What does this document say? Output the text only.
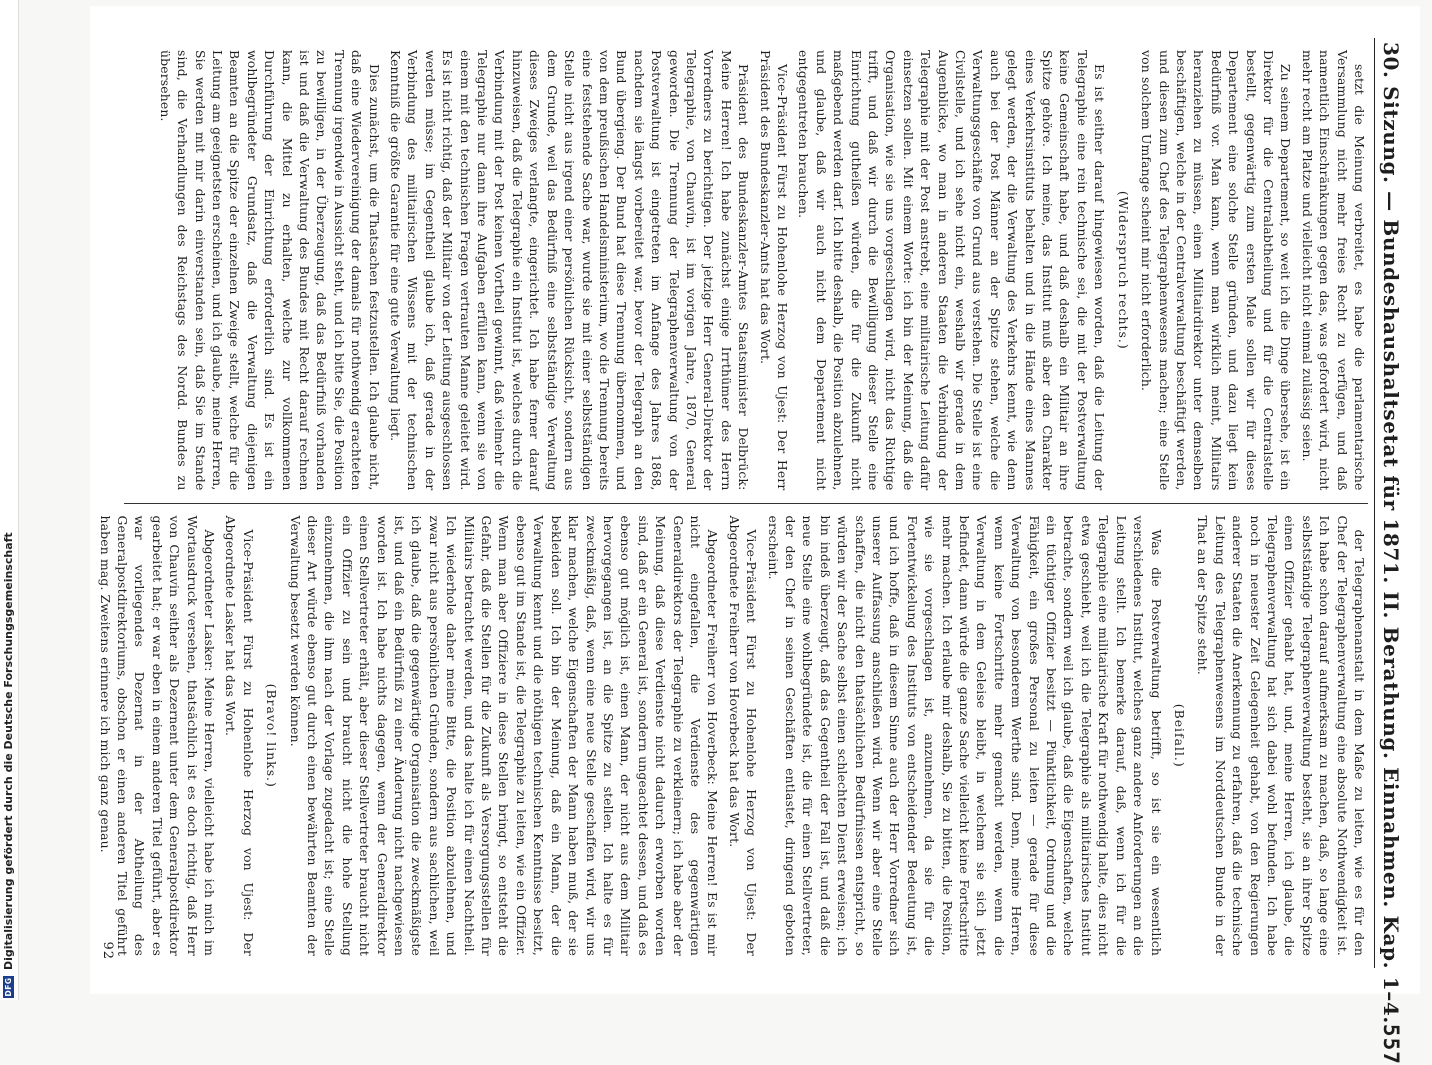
DFG
Digitalisierung gefördert durch die Deutsche Forschungsgemeinschaft	30. Sitzung. — Bundeshaushaltsetat für 1871. II. Berathung. Einnahmen. Kap. 1–4.
557

setzt die Meinung verbreitet, es habe die parlamentarische Versammlung nicht mehr freies Recht zu verfügen, und daß namentlich Einschränkungen gegen das, was gefordert wird, nicht mehr recht am Platze und vielleicht nicht einmal zulässig seien.

Zu seinem Departement, so weit ich die Dinge übersehe, ist ein Direktor für die Centralabtheilung und für die Centralstelle bestellt, gegenwärtig zum ersten Male sollen wir für dieses Departement eine solche Stelle gründen, und dazu liegt kein Bedürfniß vor. Man kann, wenn man wirklich meint, Militairs heranziehen zu müssen, einen Militairdirektor unter demselben beschäftigen, welche in der Centralverwaltung beschäftigt werden, und diesen zum Chef des Telegraphenwesens machen; eine Stelle von solchem Umfange scheint mir nicht erforderlich.

(Widerspruch rechts.)

Es ist seither darauf hingewiesen worden, daß die Leitung der Telegraphie eine rein technische sei, die mit der Postverwaltung keine Gemeinschaft habe, und daß deshalb ein Militair an ihre Spitze gehöre. Ich meine, das Institut muß aber den Charakter eines Verkehrsinstituts behalten und in die Hände eines Mannes gelegt werden, der die Verwaltung des Verkehrs kennt, wie denn auch bei der Post Männer an der Spitze stehen, welche die Verwaltungsgeschäfte von Grund aus verstehen. Die Stelle ist eine Civilstelle, und ich sehe nicht ein, weshalb wir gerade in dem Augenblicke, wo man in anderen Staaten die Verbindung der Telegraphie mit der Post anstrebt, eine militairische Leitung dafür einsetzen sollen. Mit einem Worte: ich bin der Meinung, daß die Organisation, wie sie uns vorgeschlagen wird, nicht das Richtige trifft, und daß wir durch die Bewilligung dieser Stelle eine Einrichtung gutheißen würden, die für die Zukunft nicht maßgebend werden darf. Ich bitte deshalb, die Position abzulehnen, und glaube, daß wir auch nicht dem Departement nicht entgegentreten brauchen.

Vice-Präsident Fürst zu Hohenlohe Herzog von Ujest: Der Herr Präsident des Bundeskanzler-Amts hat das Wort.

Präsident des Bundeskanzler-Amtes Staatsminister Delbrück: Meine Herren! Ich habe zunächst einige Irrthümer des Herrn Vorredners zu berichtigen. Der jetzige Herr General-Direktor der Telegraphie, von Chauvin, ist im vorigen Jahre, 1870, General geworden. Die Trennung der Telegraphenverwaltung von der Postverwaltung ist eingetreten im Anfange des Jahres 1868, nachdem sie längst vorbereitet war, bevor der Telegraph an den Bund übergieng. Der Bund hat diese Trennung übernommen, und von dem preußischen Handelsministerium, wo die Trennung bereits eine feststehende Sache war, wurde sie mit einer selbstständigen Stelle nicht aus irgend einer persönlichen Rücksicht, sondern aus dem Grunde, weil das Bedürfniß eine selbstständige Verwaltung dieses Zweiges verlangte, eingerichtet. Ich habe ferner darauf hinzuweisen, daß die Telegraphie ein Institut ist, welches durch die Verbindung mit der Post keinen Vortheil gewinnt, daß vielmehr die Telegraphie nur dann ihre Aufgaben erfüllen kann, wenn sie von einem mit den technischen Fragen vertrauten Manne geleitet wird. Es ist nicht richtig, daß der Militair von der Leitung ausgeschlossen werden müsse; im Gegentheil glaube ich, daß gerade in der Verbindung des militairischen Wissens mit der technischen Kenntniß die größte Garantie für eine gute Verwaltung liegt.

Dies zunächst, um die Thatsachen festzustellen. Ich glaube nicht, daß eine Wiedervereinigung der damals für nothwendig erachteten Trennung irgendwie in Aussicht steht, und ich bitte Sie, die Position zu bewilligen, in der Überzeugung, daß das Bedürfniß vorhanden ist und daß die Verwaltung des Bundes mit Recht darauf rechnen kann, die Mittel zu erhalten, welche zur vollkommenen Durchführung der Einrichtung erforderlich sind. Es ist ein wohlbegründeter Grundsatz, daß die Verwaltung diejenigen Beamten an die Spitze der einzelnen Zweige stellt, welche für die Leitung am geeignetsten erscheinen, und ich glaube, meine Herren, Sie werden mit mir darin einverstanden sein, daß Sie im Stande sind, die Verhandlungen des Reichstags des Nordd. Bundes zu übersehen.

der Telegraphenanstalt in dem Maße zu leiten, wie es für den Chef der Telegraphenverwaltung eine absolute Nothwendigkeit ist. Ich habe schon darauf aufmerksam zu machen, daß, so lange eine selbstständige Telegraphenverwaltung besteht, sie an ihrer Spitze einen Offizier gehabt hat, und, meine Herren, ich glaube, die Telegraphenverwaltung hat sich dabei wohl befunden. Ich habe noch in neuester Zeit Gelegenheit gehabt, von den Regierungen anderer Staaten die Anerkennung zu erfahren, daß die technische Leitung des Telegraphenwesens im Norddeutschen Bunde in der That an der Spitze steht.

(Beifall.)

Was die Postverwaltung betrifft, so ist sie ein wesentlich verschiedenes Institut, welches ganz andere Anforderungen an die Leitung stellt. Ich bemerke darauf, daß, wenn ich für die Telegraphie eine militairische Kraft für nothwendig halte, dies nicht etwa geschieht, weil ich die Telegraphie als militairisches Institut betrachte, sondern weil ich glaube, daß die Eigenschaften, welche ein tüchtiger Offizier besitzt — Pünktlichkeit, Ordnung und die Fähigkeit, ein großes Personal zu leiten — gerade für diese Verwaltung von besonderem Werthe sind. Denn, meine Herren, wenn keine Fortschritte mehr gemacht werden, wenn die Verwaltung in dem Geleise bleibt, in welchem sie sich jetzt befindet, dann würde die ganze Sache vielleicht keine Fortschritte mehr machen. Ich erlaube mir deshalb, Sie zu bitten, die Position, wie sie vorgeschlagen ist, anzunehmen, da sie für die Fortentwickelung des Instituts von entscheidender Bedeutung ist, und ich hoffe, daß in diesem Sinne auch der Herr Vorredner sich unserer Auffassung anschließen wird. Wenn wir aber eine Stelle schaffen, die nicht den thatsächlichen Bedürfnissen entspricht, so würden wir der Sache selbst einen schlechten Dienst erweisen; ich bin indeß überzeugt, daß das Gegentheil der Fall ist, und daß die neue Stelle eine wohlbegründete ist, die für einen Stellvertreter, der den Chef in seinen Geschäften entlastet, dringend geboten erscheint.

Vice-Präsident Fürst zu Hohenlohe Herzog von Ujest: Der Abgeordnete Freiherr von Hoverbeck hat das Wort.

Abgeordneter Freiherr von Hoverbeck: Meine Herren! Es ist mir nicht eingefallen, die Verdienste des gegenwärtigen Generaldirektors der Telegraphie zu verkleinern; ich habe aber der Meinung, daß diese Verdienste nicht dadurch erworben worden sind, daß er ein General ist, sondern ungeachtet dessen, und daß es ebenso gut möglich ist, einen Mann, der nicht aus dem Militair hervorgegangen ist, an die Spitze zu stellen. Ich halte es für zweckmäßig, daß, wenn eine neue Stelle geschaffen wird, wir uns klar machen, welche Eigenschaften der Mann haben muß, der sie bekleiden soll. Ich bin der Meinung, daß ein Mann, der die Verwaltung kennt und die nöthigen technischen Kenntnisse besitzt, ebenso gut im Stande ist, die Telegraphie zu leiten, wie ein Offizier. Wenn man aber Offiziere in diese Stellen bringt, so entsteht die Gefahr, daß die Stellen für die Zukunft als Versorgungsstellen für Militairs betrachtet werden, und das halte ich für einen Nachtheil. Ich wiederhole daher meine Bitte, die Position abzulehnen, und zwar nicht aus persönlichen Gründen, sondern aus sachlichen, weil ich glaube, daß die gegenwärtige Organisation die zweckmäßigste ist, und daß ein Bedürfniß zu einer Änderung nicht nachgewiesen worden ist. Ich habe nichts dagegen, wenn der Generaldirektor einen Stellvertreter erhält, aber dieser Stellvertreter braucht nicht ein Offizier zu sein und braucht nicht die hohe Stellung einzunehmen, die ihm nach der Vorlage zugedacht ist; eine Stelle dieser Art würde ebenso gut durch einen bewährten Beamten der Verwaltung besetzt werden können.

(Bravo! links.)

Vice-Präsident Fürst zu Hohenlohe Herzog von Ujest: Der Abgeordnete Lasker hat das Wort.

Abgeordneter Lasker: Meine Herren, vielleicht habe ich mich im Wortausdruck versehen, thatsächlich ist es doch richtig, daß Herr von Chauvin seither als Dezernent unter dem Generalpostdirektor gearbeitet hat; er war eben in einem anderen Titel geführt, aber es war vorliegendes Dezernat in der Abtheilung des Generalpostdirektoriums, obschon er einen anderen Titel geführt haben mag. Zweitens erinnere ich mich ganz genau.

92
